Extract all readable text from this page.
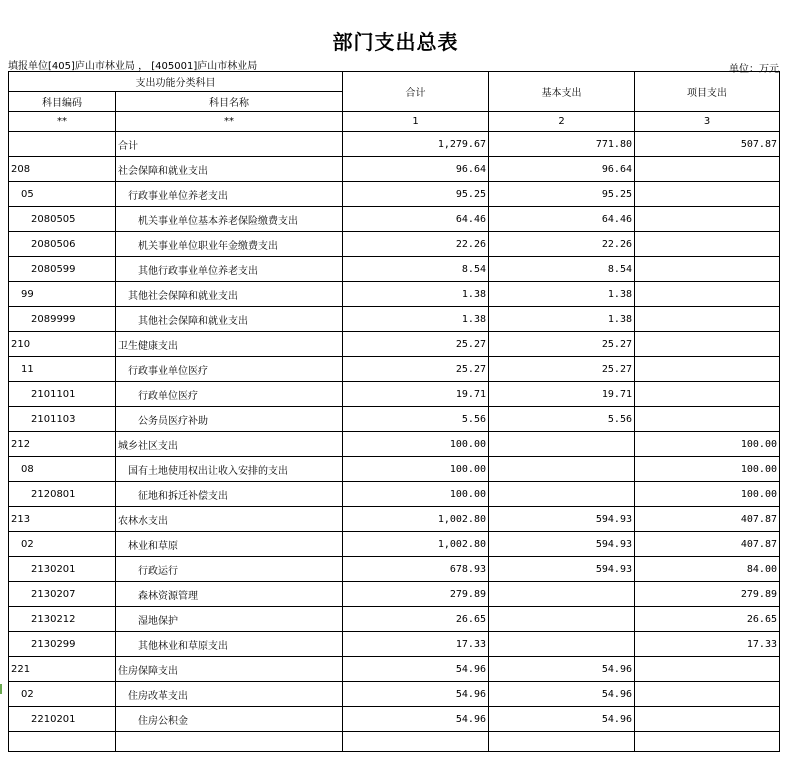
部门支出总表
填报单位[405]庐山市林业局 ， [405001]庐山市林业局	单位：万元
支出功能分类科目		合计	基本支出	项目支出
科目编码	科目名称			
**	**	1	2	3
	合计	1,279.67	771.80	507.87
208	社会保障和就业支出	96.64	96.64	
05	行政事业单位养老支出	95.25	95.25	
2080505	机关事业单位基本养老保险缴费支出	64.46	64.46	
2080506	机关事业单位职业年金缴费支出	22.26	22.26	
2080599	其他行政事业单位养老支出	8.54	8.54	
99	其他社会保障和就业支出	1.38	1.38	
2089999	其他社会保障和就业支出	1.38	1.38	
210	卫生健康支出	25.27	25.27	
11	行政事业单位医疗	25.27	25.27	
2101101	行政单位医疗	19.71	19.71	
2101103	公务员医疗补助	5.56	5.56	
212	城乡社区支出	100.00		100.00
08	国有土地使用权出让收入安排的支出	100.00		100.00
2120801	征地和拆迁补偿支出	100.00		100.00
213	农林水支出	1,002.80	594.93	407.87
02	林业和草原	1,002.80	594.93	407.87
2130201	行政运行	678.93	594.93	84.00
2130207	森林资源管理	279.89		279.89
2130212	湿地保护	26.65		26.65
2130299	其他林业和草原支出	17.33		17.33
221	住房保障支出	54.96	54.96	
02	住房改革支出	54.96	54.96	
2210201	住房公积金	54.96	54.96	
